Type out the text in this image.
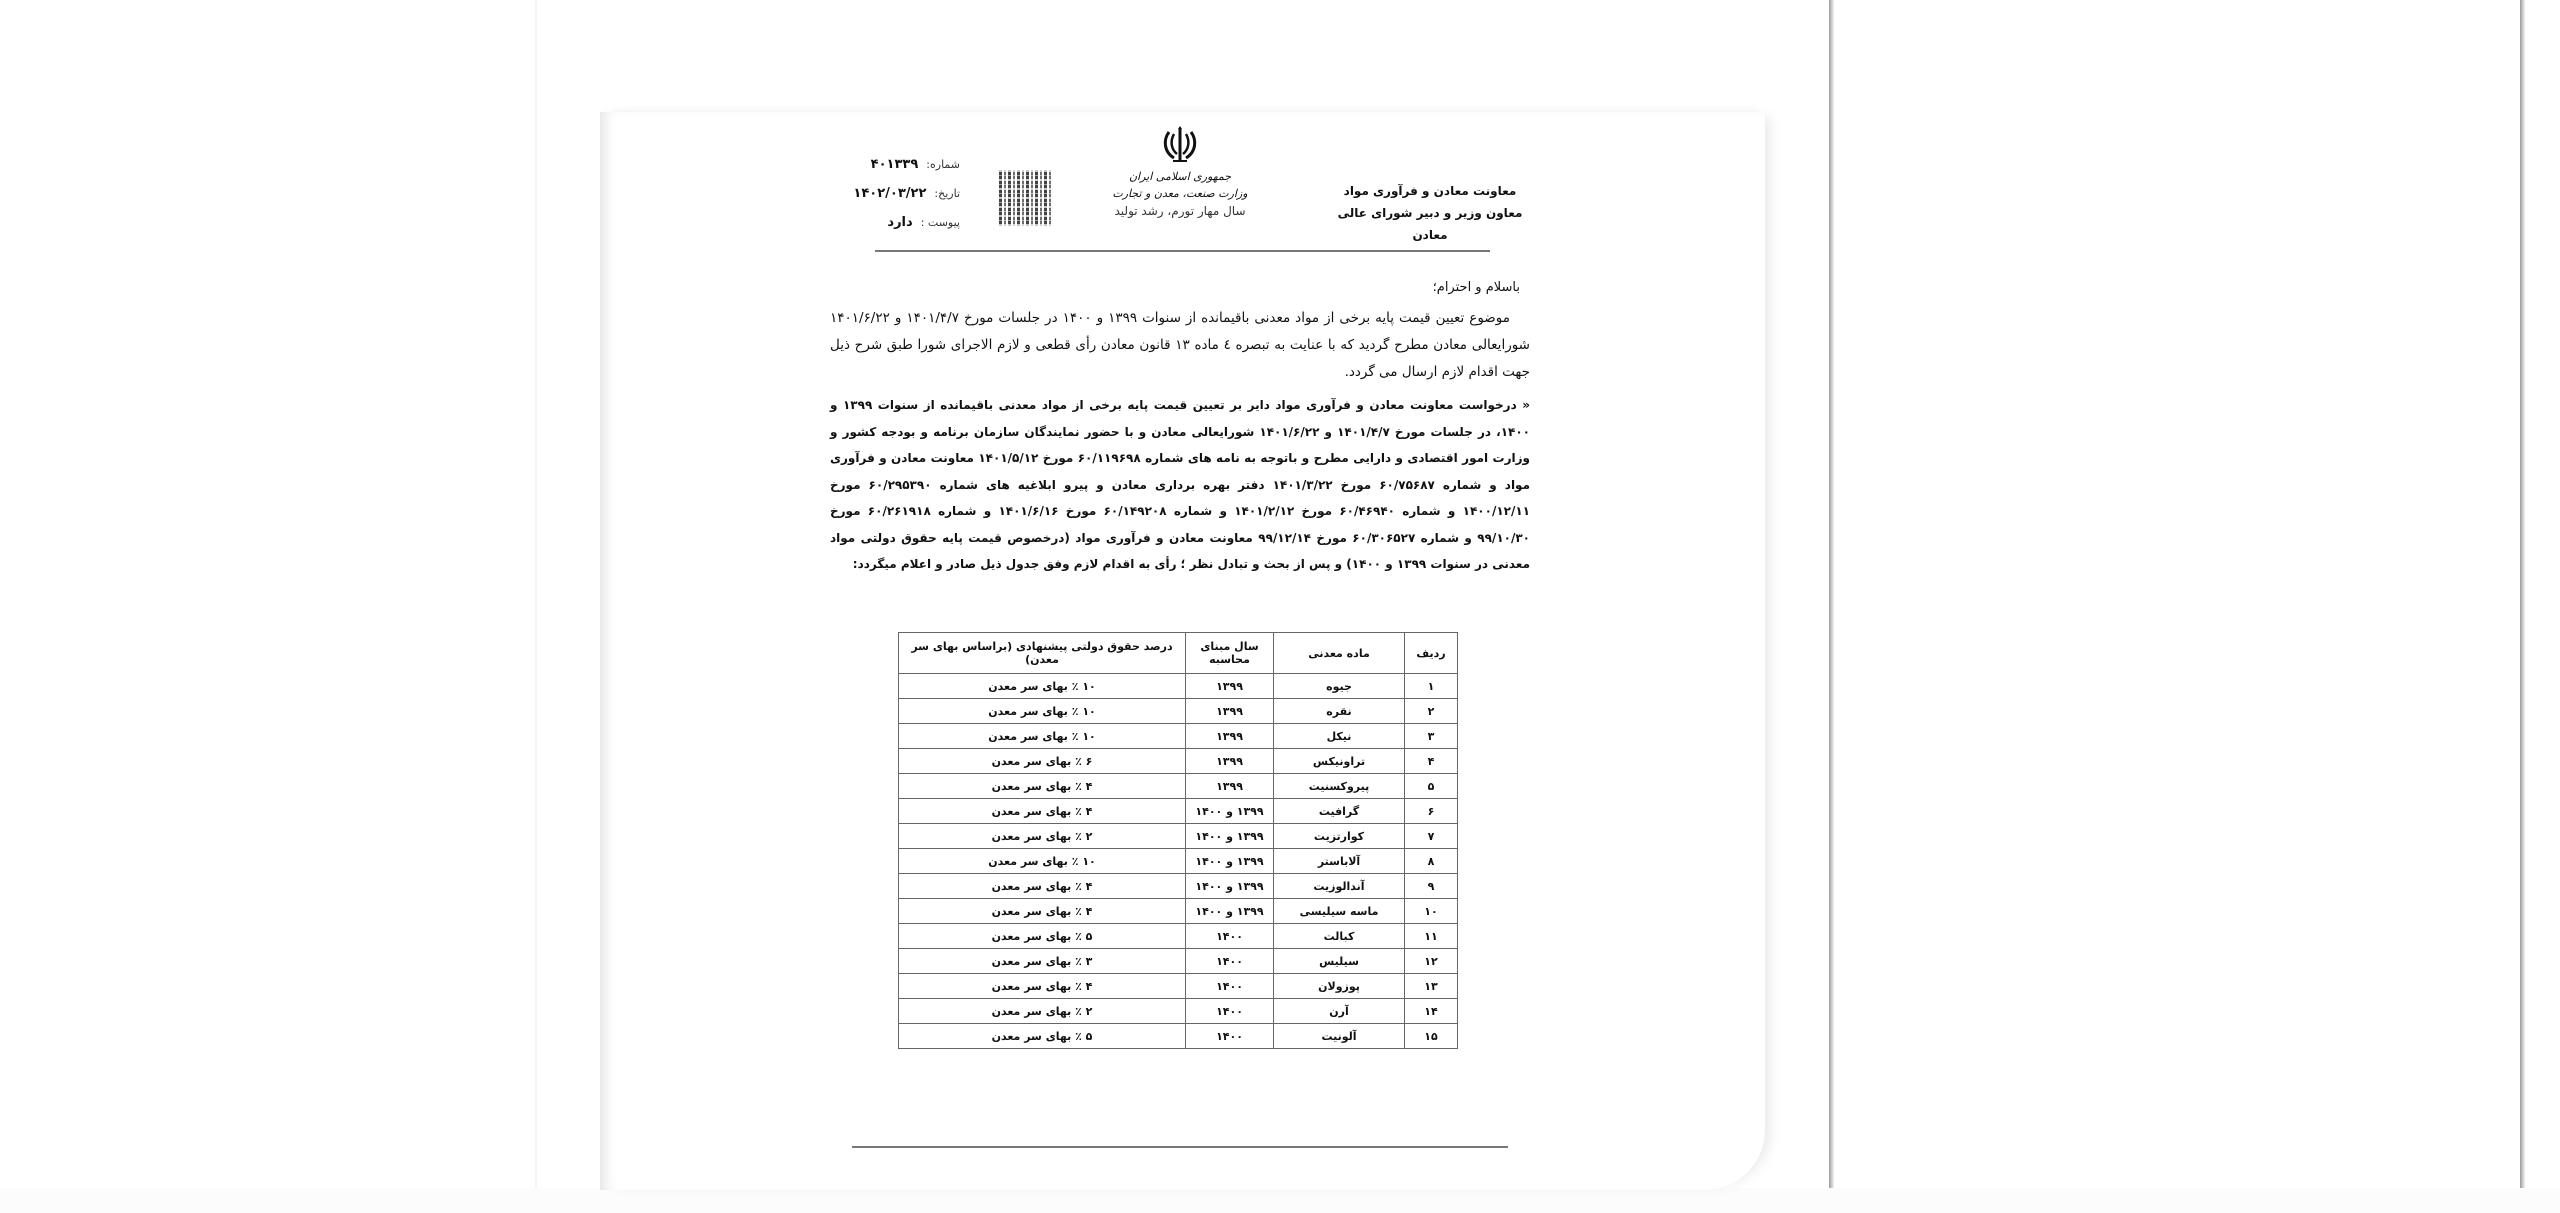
معاونت معادن و فرآوری مواد
معاون وزیر و دبیر شورای عالی معادن
جمهوری اسلامی ایران
وزارت صنعت، معدن و تجارت
سال مهار تورم، رشد تولید
شماره:
۴۰۱۳۳۹
تاریخ:
۱۴۰۲/۰۳/۲۲
پیوست :
دارد
باسلام و احترام؛
موضوع تعیین قیمت پایه برخی از مواد معدنی باقیمانده از سنوات ۱۳۹۹ و ۱۴۰۰ در جلسات مورخ ۱۴۰۱/۴/۷ و ۱۴۰۱/۶/۲۲ شورایعالی معادن مطرح گردید که با عنایت به تبصره ٤ ماده ۱۳ قانون معادن رأی قطعی و لازم الاجرای شورا طبق شرح ذیل جهت اقدام لازم ارسال می گردد.
« درخواست معاونت معادن و فرآوری مواد دایر بر تعیین قیمت پایه برخی از مواد معدنی باقیمانده از سنوات ۱۳۹۹ و ۱۴۰۰، در جلسات مورخ ۱۴۰۱/۴/۷ و ۱۴۰۱/۶/۲۲ شورایعالی معادن و با حضور نمایندگان سازمان برنامه و بودجه کشور و وزارت امور اقتصادی و دارایی مطرح و باتوجه به نامه های شماره ۶۰/۱۱۹۶۹۸ مورخ ۱۴۰۱/۵/۱۲ معاونت معادن و فرآوری مواد و شماره ۶۰/۷۵۶۸۷ مورخ ۱۴۰۱/۳/۲۲ دفتر بهره برداری معادن و پیرو ابلاغیه های شماره ۶۰/۲۹۵۳۹۰ مورخ ۱۴۰۰/۱۲/۱۱ و شماره ۶۰/۴۶۹۴۰ مورخ ۱۴۰۱/۲/۱۲ و شماره ۶۰/۱۴۹۲۰۸ مورخ ۱۴۰۱/۶/۱۶ و شماره ۶۰/۲۶۱۹۱۸ مورخ ۹۹/۱۰/۳۰ و شماره ۶۰/۳۰۶۵۲۷ مورخ ۹۹/۱۲/۱۴ معاونت معادن و فرآوری مواد (درخصوص قیمت پایه حقوق دولتی مواد معدنی در سنوات ۱۳۹۹ و ۱۴۰۰) و پس از بحث و تبادل نظر ؛ رأی به اقدام لازم وفق جدول ذیل صادر و اعلام میگردد:
ردیف	ماده معدنی	سال مبنای محاسبه	درصد حقوق دولتی پیشنهادی (براساس بهای سر معدن)
۱	جیوه	۱۳۹۹	۱۰ ٪ بهای سر معدن
۲	نقره	۱۳۹۹	۱۰ ٪ بهای سر معدن
۳	نیکل	۱۳۹۹	۱۰ ٪ بهای سر معدن
۴	تراونیکس	۱۳۹۹	۶ ٪ بهای سر معدن
۵	پیروکسنیت	۱۳۹۹	۴ ٪ بهای سر معدن
۶	گرافیت	۱۳۹۹ و ۱۴۰۰	۴ ٪ بهای سر معدن
۷	کوارتزیت	۱۳۹۹ و ۱۴۰۰	۲ ٪ بهای سر معدن
۸	آلاباستر	۱۳۹۹ و ۱۴۰۰	۱۰ ٪ بهای سر معدن
۹	آندالوزیت	۱۳۹۹ و ۱۴۰۰	۴ ٪ بهای سر معدن
۱۰	ماسه سیلیسی	۱۳۹۹ و ۱۴۰۰	۴ ٪ بهای سر معدن
۱۱	کبالت	۱۴۰۰	۵ ٪ بهای سر معدن
۱۲	سیلیس	۱۴۰۰	۳ ٪ بهای سر معدن
۱۳	پوزولان	۱۴۰۰	۴ ٪ بهای سر معدن
۱۴	آرن	۱۴۰۰	۲ ٪ بهای سر معدن
۱۵	آلونیت	۱۴۰۰	۵ ٪ بهای سر معدن
